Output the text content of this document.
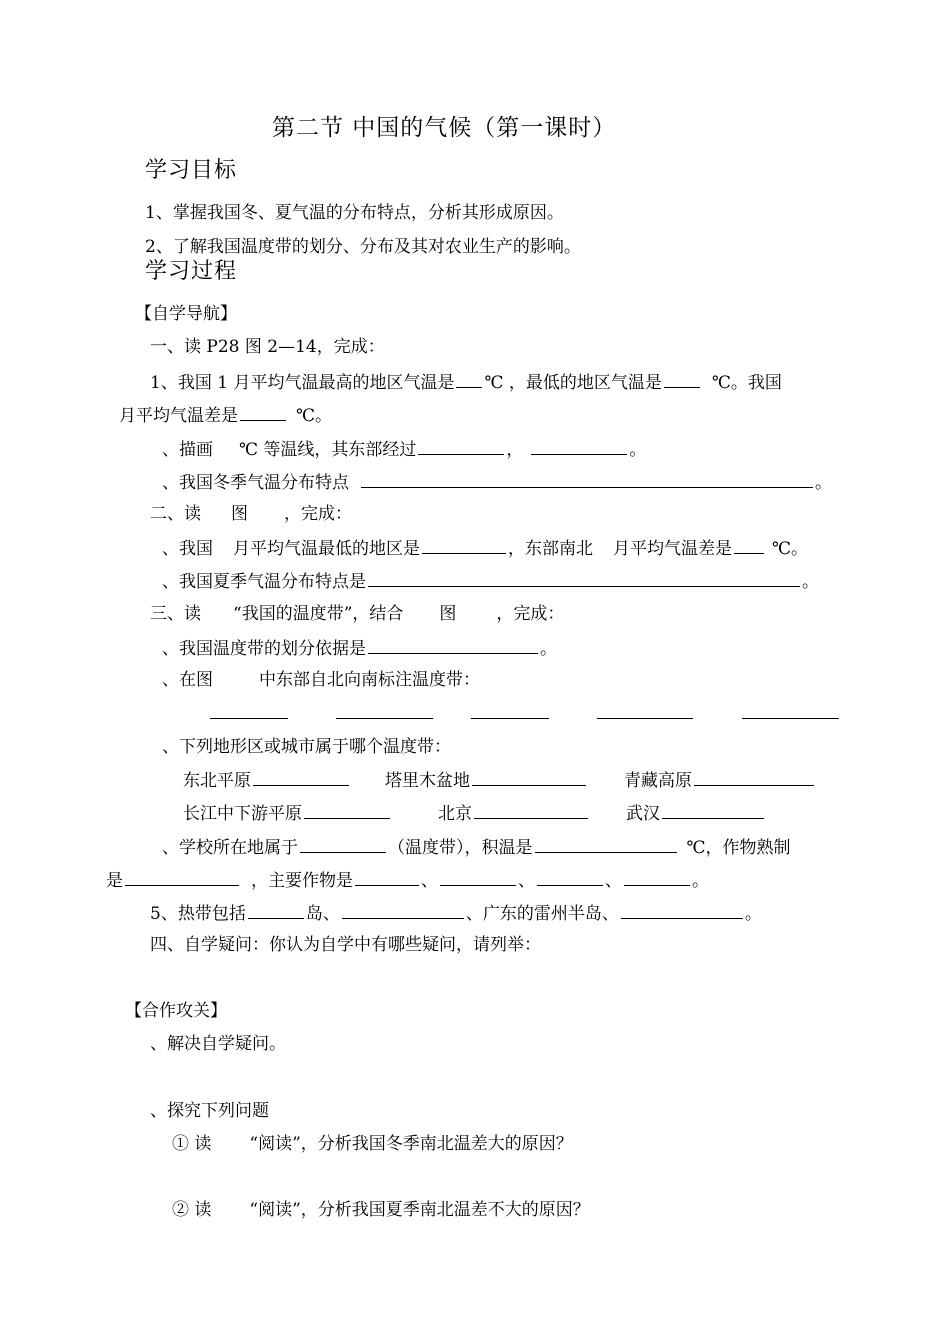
第二节 中国的气候（第一课时）
学习目标
1、掌握我国冬、夏气温的分布特点，分析其形成原因。
2、了解我国温度带的划分、分布及其对农业生产的影响。
学习过程
【自学导航】
一、读 P28 图 2—14，完成：
1、我国 1 月平均气温最高的地区气温是 ℃ ，最低的地区气温是	℃。我国
月平均气温差是	℃。
、描画 ℃ 等温线，其东部经过	，	。
、我国冬季气温分布特点	。
二、读 图 ，完成：
、我国 月平均气温最低的地区是	，东部南北 月平均气温差是 ℃。
、我国夏季气温分布特点是	。
三、读 “我国的温度带”，结合 图 ，完成：
、我国温度带的划分依据是	。
、在图	中东部自北向南标注温度带：
、下列地形区或城市属于哪个温度带：
东北平原	塔里木盆地	青藏高原
长江中下游平原	北京	武汉
、学校所在地属于	（温度带），积温是	℃，作物熟制
是	，主要作物是	、	、	、	。
5、热带包括	岛、	、广东的雷州半岛、	。
四、自学疑问：你认为自学中有哪些疑问，请列举：
【合作攻关】
、解决自学疑问。
、探究下列问题
① 读 “阅读”，分析我国冬季南北温差大的原因？
② 读 “阅读”，分析我国夏季南北温差不大的原因？
